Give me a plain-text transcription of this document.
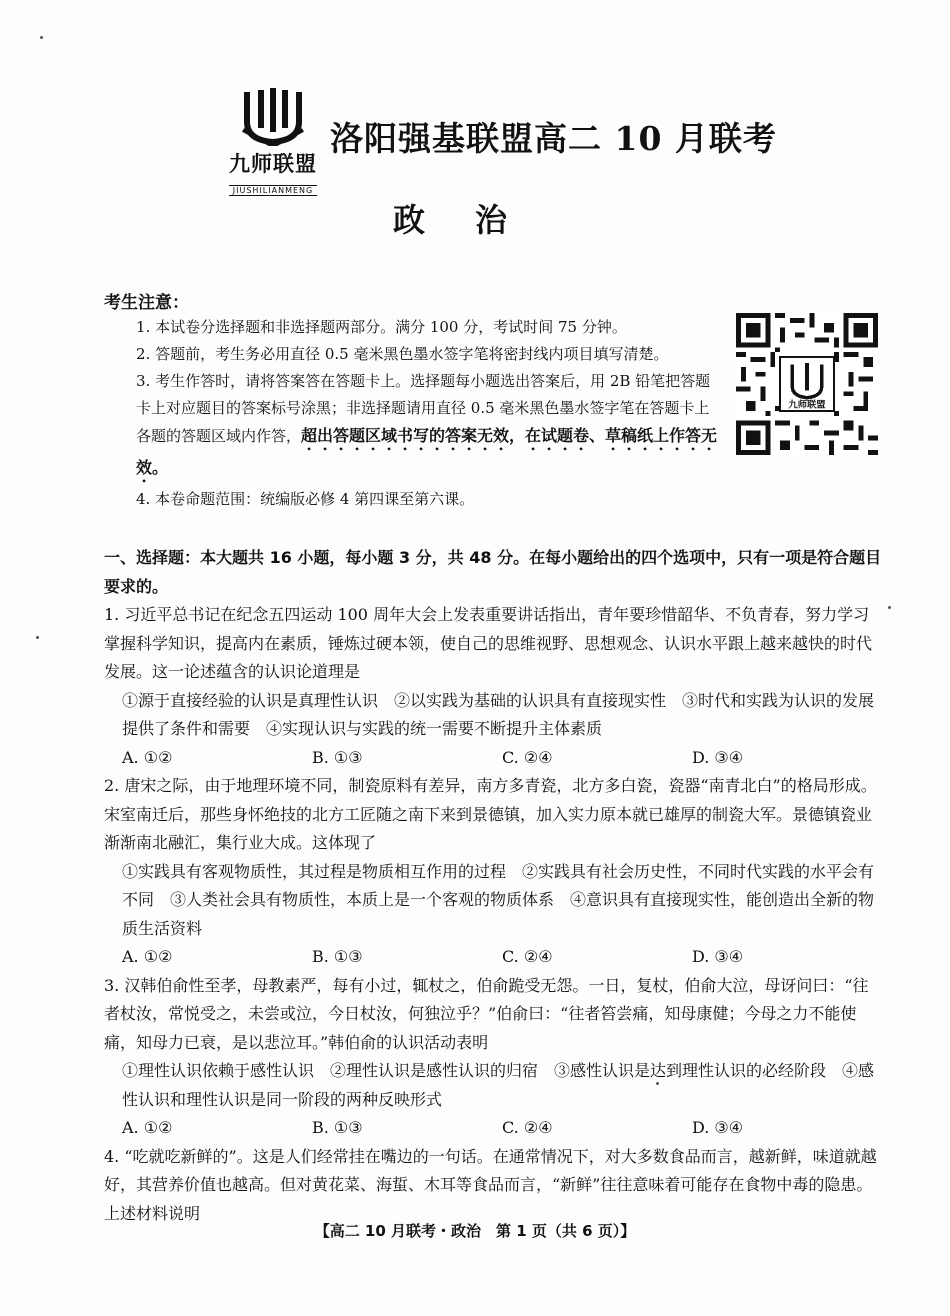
九师联盟
JIUSHILIANMENG
洛阳强基联盟高二 10 月联考
政治
考生注意：

1. 本试卷分选择题和非选择题两部分。满分 100 分，考试时间 75 分钟。

2. 答题前，考生务必用直径 0.5 毫米黑色墨水签字笔将密封线内项目填写清楚。

3. 考生作答时，请将答案答在答题卡上。选择题每小题选出答案后，用 2B 铅笔把答题卡上对应题目的答案标号涂黑；非选择题请用直径 0.5 毫米黑色墨水签字笔在答题卡上各题的答题区域内作答，超出答题区域书写的答案无效，在试题卷、草稿纸上作答无效。

4. 本卷命题范围：统编版必修 4 第四课至第六课。

九师联盟

一、选择题：本大题共 16 小题，每小题 3 分，共 48 分。在每小题给出的四个选项中，只有一项是符合题目要求的。

1. 习近平总书记在纪念五四运动 100 周年大会上发表重要讲话指出，青年要珍惜韶华、不负青春，努力学习掌握科学知识，提高内在素质，锤炼过硬本领，使自己的思维视野、思想观念、认识水平跟上越来越快的时代发展。这一论述蕴含的认识论道理是

①源于直接经验的认识是真理性认识　②以实践为基础的认识具有直接现实性　③时代和实践为认识的发展提供了条件和需要　④实现认识与实践的统一需要不断提升主体素质

A. ①②	B. ①③	C. ②④	D. ③④

2. 唐宋之际，由于地理环境不同，制瓷原料有差异，南方多青瓷，北方多白瓷，瓷器“南青北白”的格局形成。宋室南迁后，那些身怀绝技的北方工匠随之南下来到景德镇，加入实力原本就已雄厚的制瓷大军。景德镇瓷业渐渐南北融汇，集行业大成。这体现了

①实践具有客观物质性，其过程是物质相互作用的过程　②实践具有社会历史性，不同时代实践的水平会有不同　③人类社会具有物质性，本质上是一个客观的物质体系　④意识具有直接现实性，能创造出全新的物质生活资料

A. ①②	B. ①③	C. ②④	D. ③④

3. 汉韩伯俞性至孝，母教素严，每有小过，辄杖之，伯俞跪受无怨。一日，复杖，伯俞大泣，母讶问曰：“往者杖汝，常悦受之，未尝或泣，今日杖汝，何独泣乎？”伯俞曰：“往者笞尝痛，知母康健；今母之力不能使痛，知母力已衰，是以悲泣耳。”韩伯俞的认识活动表明

①理性认识依赖于感性认识　②理性认识是感性认识的归宿　③感性认识是达到理性认识的必经阶段　④感性认识和理性认识是同一阶段的两种反映形式

A. ①②	B. ①③	C. ②④	D. ③④

4. “吃就吃新鲜的”。这是人们经常挂在嘴边的一句话。在通常情况下，对大多数食品而言，越新鲜，味道就越好，其营养价值也越高。但对黄花菜、海蜇、木耳等食品而言，“新鲜”往往意味着可能存在食物中毒的隐患。上述材料说明

【高二 10 月联考・政治　第 1 页（共 6 页）】
